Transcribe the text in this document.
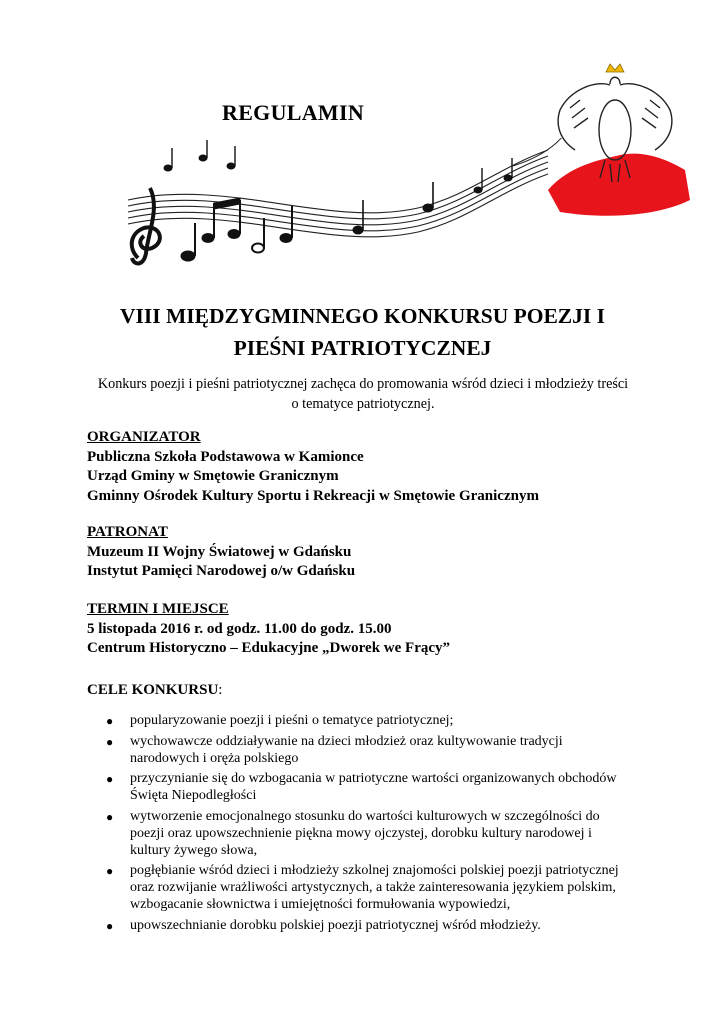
REGULAMIN
VIII MIĘDZYGMINNEGO KONKURSU POEZJI I
PIEŚNI PATRIOTYCZNEJ
Konkurs poezji i pieśni patriotycznej zachęca do promowania wśród dzieci i młodzieży treści
o tematyce patriotycznej.
ORGANIZATOR
Publiczna Szkoła Podstawowa w Kamionce
Urząd Gminy w Smętowie Granicznym
Gminny Ośrodek Kultury Sportu i Rekreacji w Smętowie Granicznym
PATRONAT
Muzeum II Wojny Światowej w Gdańsku
Instytut Pamięci Narodowej o/w Gdańsku
TERMIN I MIEJSCE
5 listopada 2016 r. od godz. 11.00 do godz. 15.00
Centrum Historyczno – Edukacyjne „Dworek we Frący”
CELE KONKURSU:
● popularyzowanie poezji i pieśni o tematyce patriotycznej;
● wychowawcze oddziaływanie na dzieci młodzież oraz kultywowanie tradycji narodowych i oręża polskiego
● przyczynianie się do wzbogacania w patriotyczne wartości organizowanych obchodów Święta Niepodległości
● wytworzenie emocjonalnego stosunku do wartości kulturowych w szczególności do poezji oraz upowszechnienie piękna mowy ojczystej, dorobku kultury narodowej i kultury żywego słowa,
● pogłębianie wśród dzieci i młodzieży szkolnej znajomości polskiej poezji patriotycznej oraz rozwijanie wrażliwości artystycznych, a także zainteresowania językiem polskim, wzbogacanie słownictwa i umiejętności formułowania wypowiedzi,
● upowszechnianie dorobku polskiej poezji patriotycznej wśród młodzieży.
